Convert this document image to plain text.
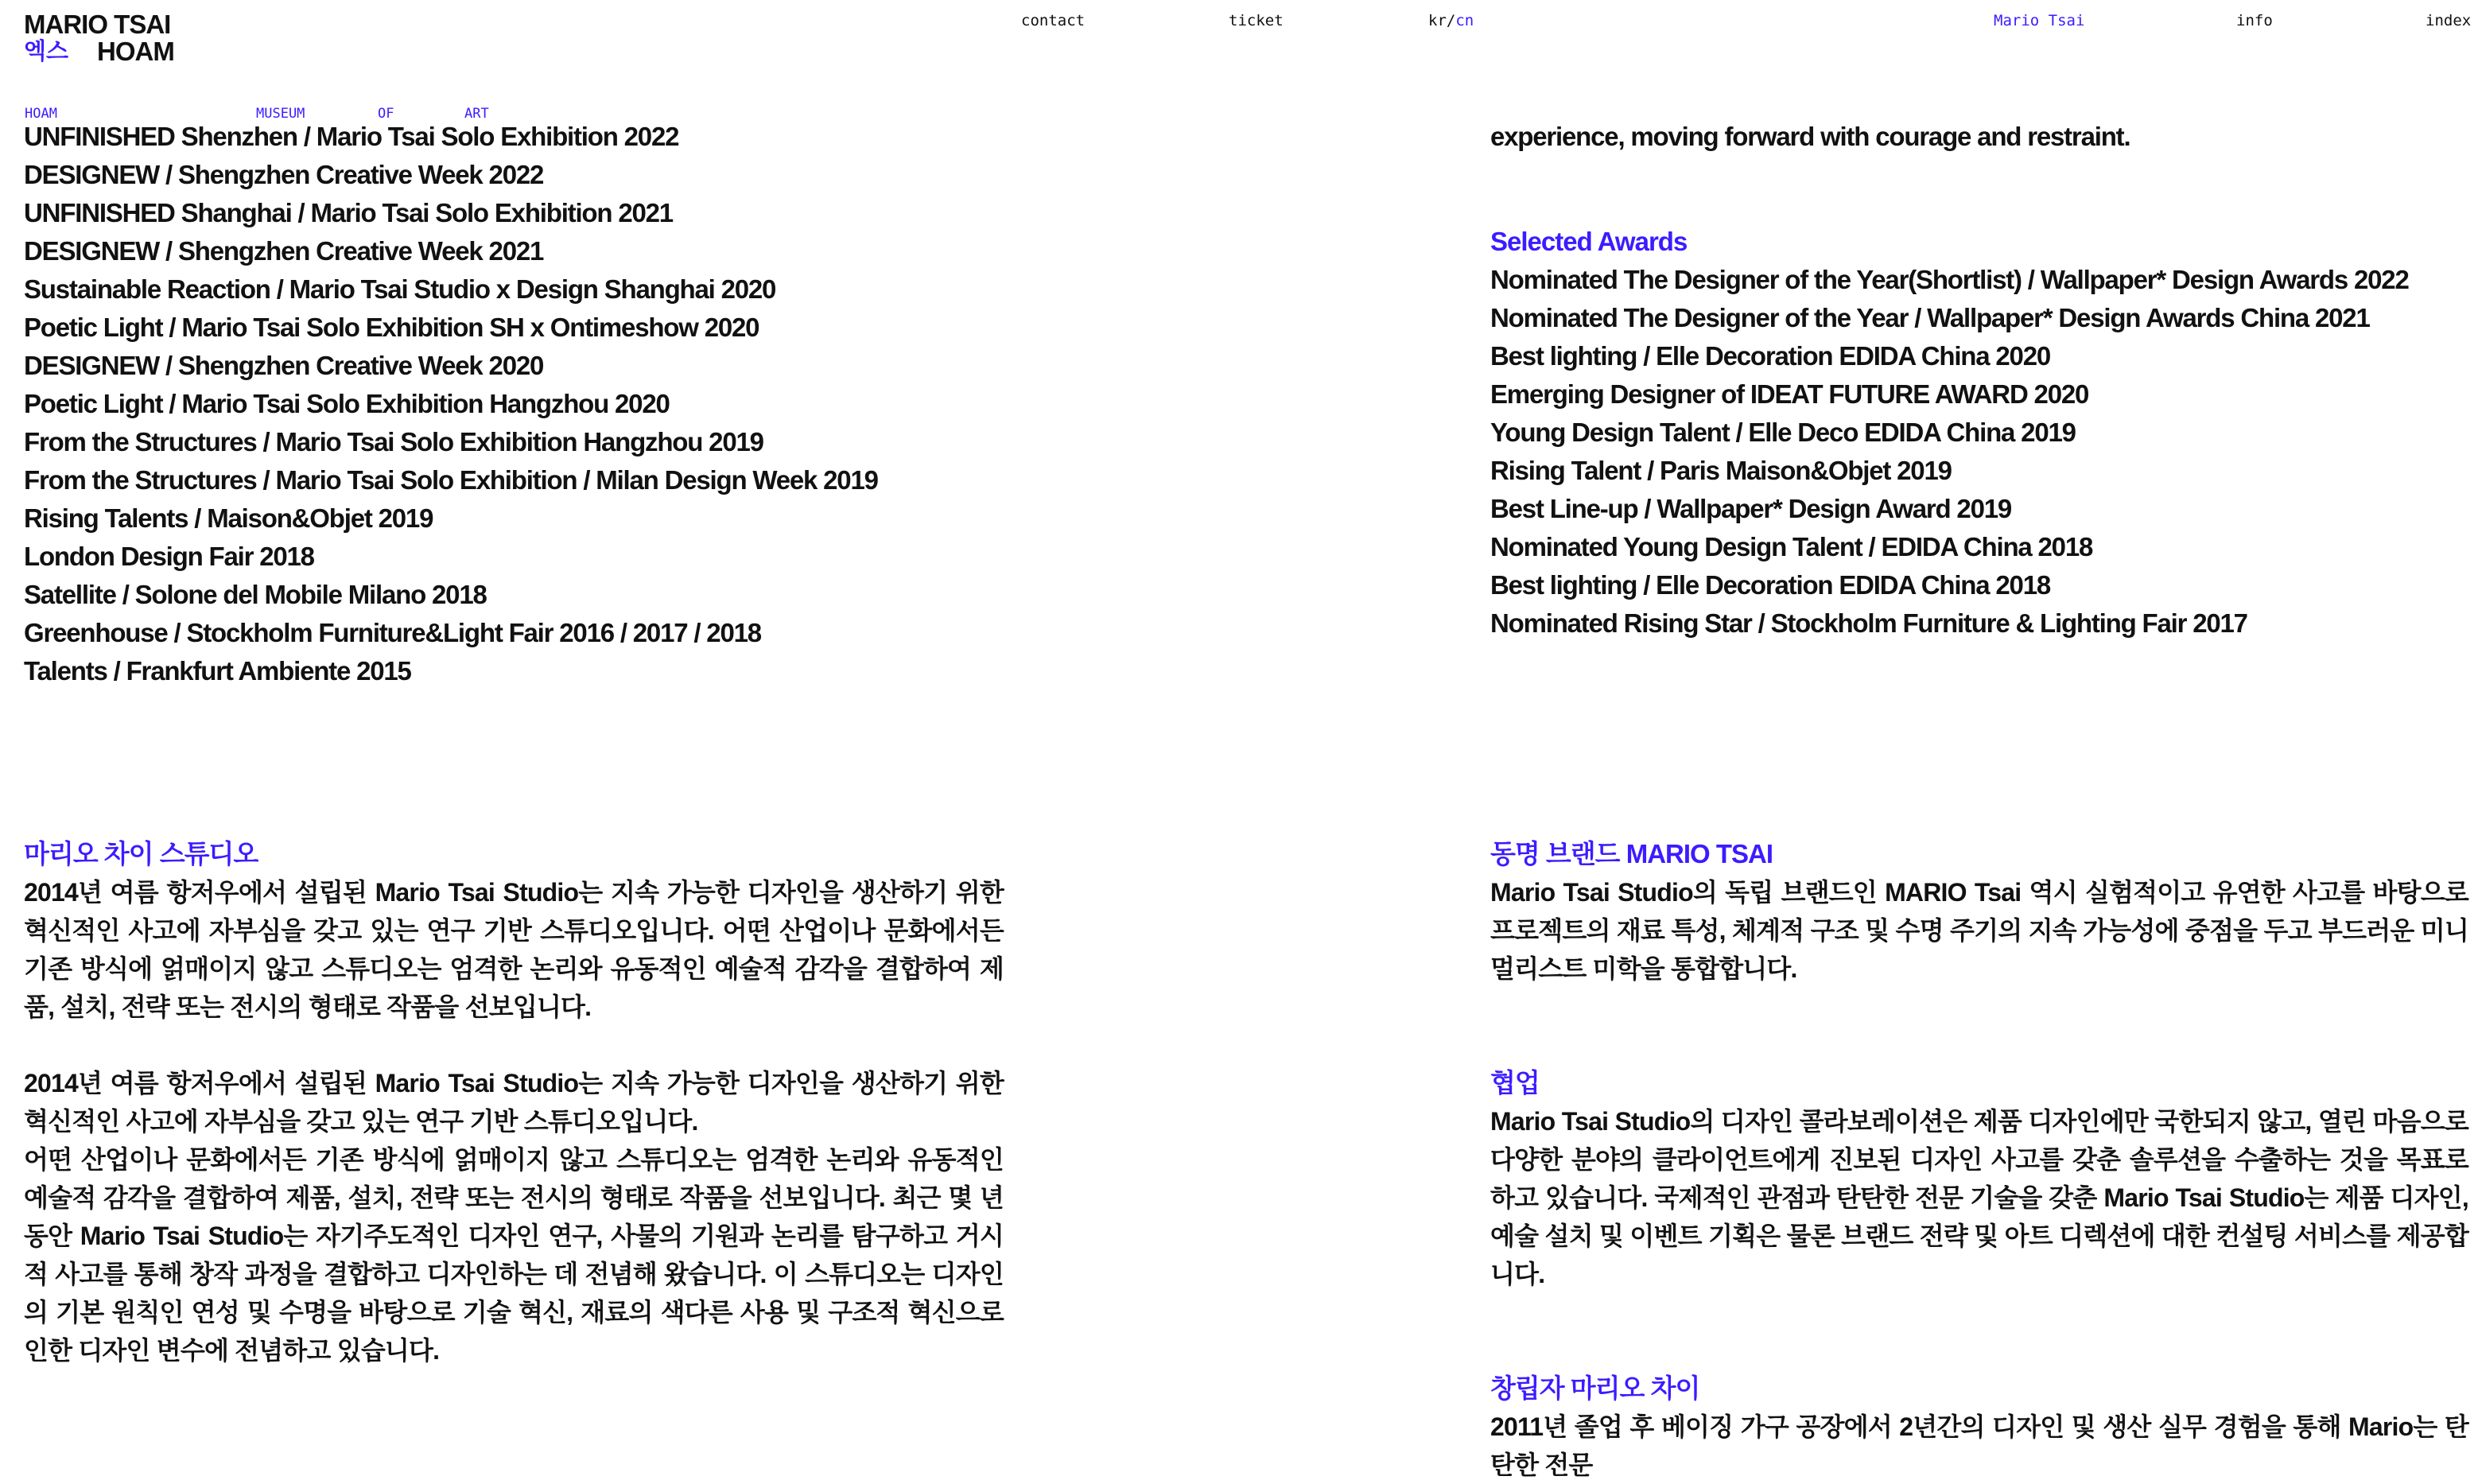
MARIO TSAI
엑스 HOAM
contact	ticket	kr/cn	Mario Tsai	info	index
HOAM	MUSEUM	OF	ART
UNFINISHED Shenzhen / Mario Tsai Solo Exhibition 2022
DESIGNEW / Shengzhen Creative Week 2022
UNFINISHED Shanghai / Mario Tsai Solo Exhibition 2021
DESIGNEW / Shengzhen Creative Week 2021
Sustainable Reaction / Mario Tsai Studio x Design Shanghai 2020
Poetic Light / Mario Tsai Solo Exhibition SH x Ontimeshow 2020
DESIGNEW / Shengzhen Creative Week 2020
Poetic Light / Mario Tsai Solo Exhibition Hangzhou 2020
From the Structures / Mario Tsai Solo Exhibition Hangzhou 2019
From the Structures / Mario Tsai Solo Exhibition / Milan Design Week 2019
Rising Talents / Maison&Objet 2019
London Design Fair 2018
Satellite / Solone del Mobile Milano 2018
Greenhouse / Stockholm Furniture&Light Fair 2016 / 2017 / 2018
Talents / Frankfurt Ambiente 2015
experience, moving forward with courage and restraint.
Selected Awards
Nominated The Designer of the Year(Shortlist) / Wallpaper* Design Awards 2022
Nominated The Designer of the Year / Wallpaper* Design Awards China 2021
Best lighting / Elle Decoration EDIDA China 2020
Emerging Designer of IDEAT FUTURE AWARD 2020
Young Design Talent / Elle Deco EDIDA China 2019
Rising Talent / Paris Maison&Objet 2019
Best Line-up / Wallpaper* Design Award 2019
Nominated Young Design Talent / EDIDA China 2018
Best lighting / Elle Decoration EDIDA China 2018
Nominated Rising Star / Stockholm Furniture & Lighting Fair 2017
마리오 차이 스튜디오

2014년 여름 항저우에서 설립된 Mario Tsai Studio는 지속 가능한 디자인을 생산하기 위한 혁신적인 사고에 자부심을 갖고 있는 연구 기반 스튜디오입니다. 어떤 산업이나 문화에서든 기존 방식에 얽매이지 않고 스튜디오는 엄격한 논리와 유동적인 예술적 감각을 결합하여 제품, 설치, 전략 또는 전시의 형태로 작품을 선보입니다.

2014년 여름 항저우에서 설립된 Mario Tsai Studio는 지속 가능한 디자인을 생산하기 위한 혁신적인 사고에 자부심을 갖고 있는 연구 기반 스튜디오입니다.

어떤 산업이나 문화에서든 기존 방식에 얽매이지 않고 스튜디오는 엄격한 논리와 유동적인 예술적 감각을 결합하여 제품, 설치, 전략 또는 전시의 형태로 작품을 선보입니다. 최근 몇 년 동안 Mario Tsai Studio는 자기주도적인 디자인 연구, 사물의 기원과 논리를 탐구하고 거시적 사고를 통해 창작 과정을 결합하고 디자인하는 데 전념해 왔습니다. 이 스튜디오는 디자인의 기본 원칙인 연성 및 수명을 바탕으로 기술 혁신, 재료의 색다른 사용 및 구조적 혁신으로 인한 디자인 변수에 전념하고 있습니다.

동명 브랜드 MARIO TSAI

Mario Tsai Studio의 독립 브랜드인 MARIO Tsai 역시 실험적이고 유연한 사고를 바탕으로 프로젝트의 재료 특성, 체계적 구조 및 수명 주기의 지속 가능성에 중점을 두고 부드러운 미니멀리스트 미학을 통합합니다.

협업

Mario Tsai Studio의 디자인 콜라보레이션은 제품 디자인에만 국한되지 않고, 열린 마음으로 다양한 분야의 클라이언트에게 진보된 디자인 사고를 갖춘 솔루션을 수출하는 것을 목표로 하고 있습니다. 국제적인 관점과 탄탄한 전문 기술을 갖춘 Mario Tsai Studio는 제품 디자인, 예술 설치 및 이벤트 기획은 물론 브랜드 전략 및 아트 디렉션에 대한 컨설팅 서비스를 제공합니다.

창립자 마리오 차이

2011년 졸업 후 베이징 가구 공장에서 2년간의 디자인 및 생산 실무 경험을 통해 Mario는 탄탄한 전문
